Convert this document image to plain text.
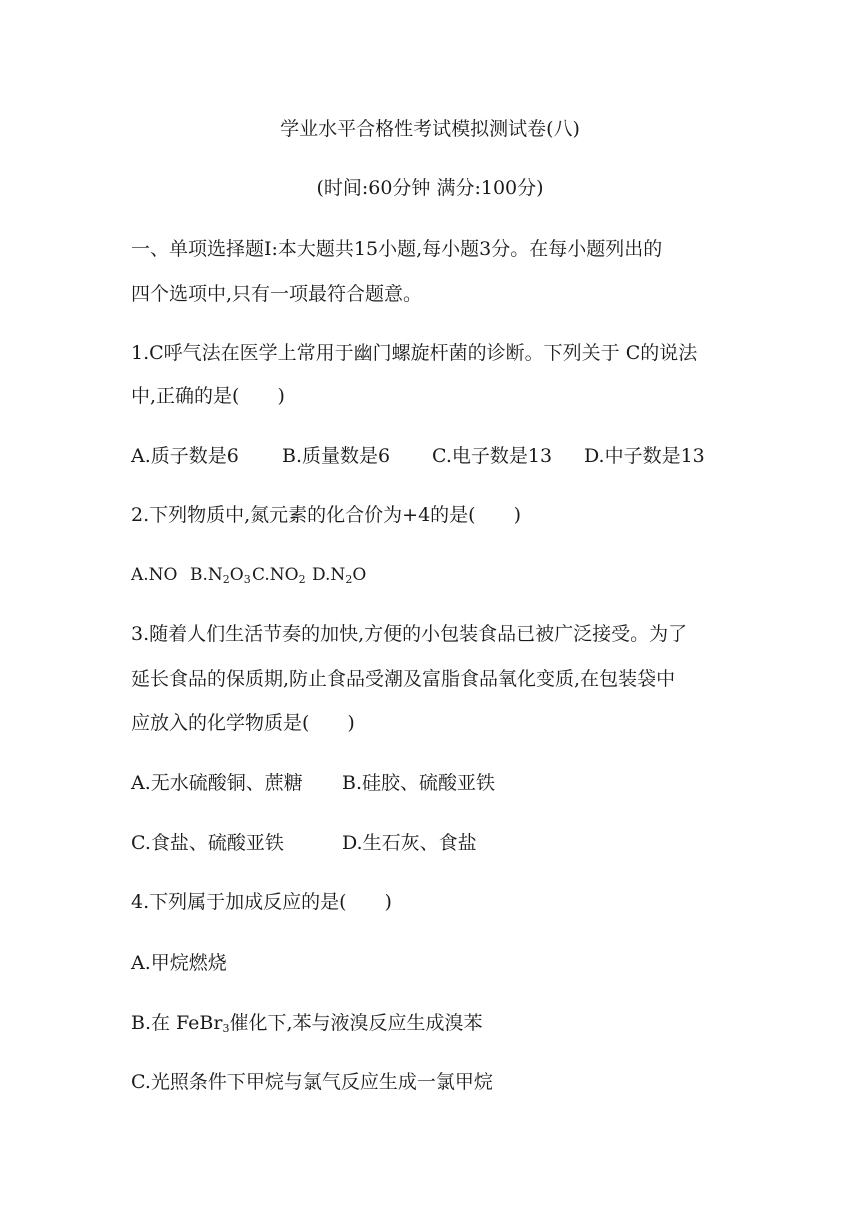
学业水平合格性考试模拟测试卷(八)
(时间:60分钟 满分:100分)
一、单项选择题Ⅰ:本大题共15小题,每小题3分。在每小题列出的
四个选项中,只有一项最符合题意。
1.C呼气法在医学上常用于幽门螺旋杆菌的诊断。下列关于 C的说法
中,正确的是(　　)
A.质子数是6 B.质量数是6 C.电子数是13 D.中子数是13
2.下列物质中,氮元素的化合价为+4的是(　　)
A.NO $B.N_2O_3$ $C.NO_2$ $D.N_2O$
3.随着人们生活节奏的加快,方便的小包装食品已被广泛接受。为了
延长食品的保质期,防止食品受潮及富脂食品氧化变质,在包装袋中
应放入的化学物质是(　　)
A.无水硫酸铜、蔗糖 B.硅胶、硫酸亚铁
C.食盐、硫酸亚铁	D.生石灰、食盐
4.下列属于加成反应的是(　　)
A.甲烷燃烧
B.在 FeBr$_3$催化下,苯与液溴反应生成溴苯
C.光照条件下甲烷与氯气反应生成一氯甲烷
